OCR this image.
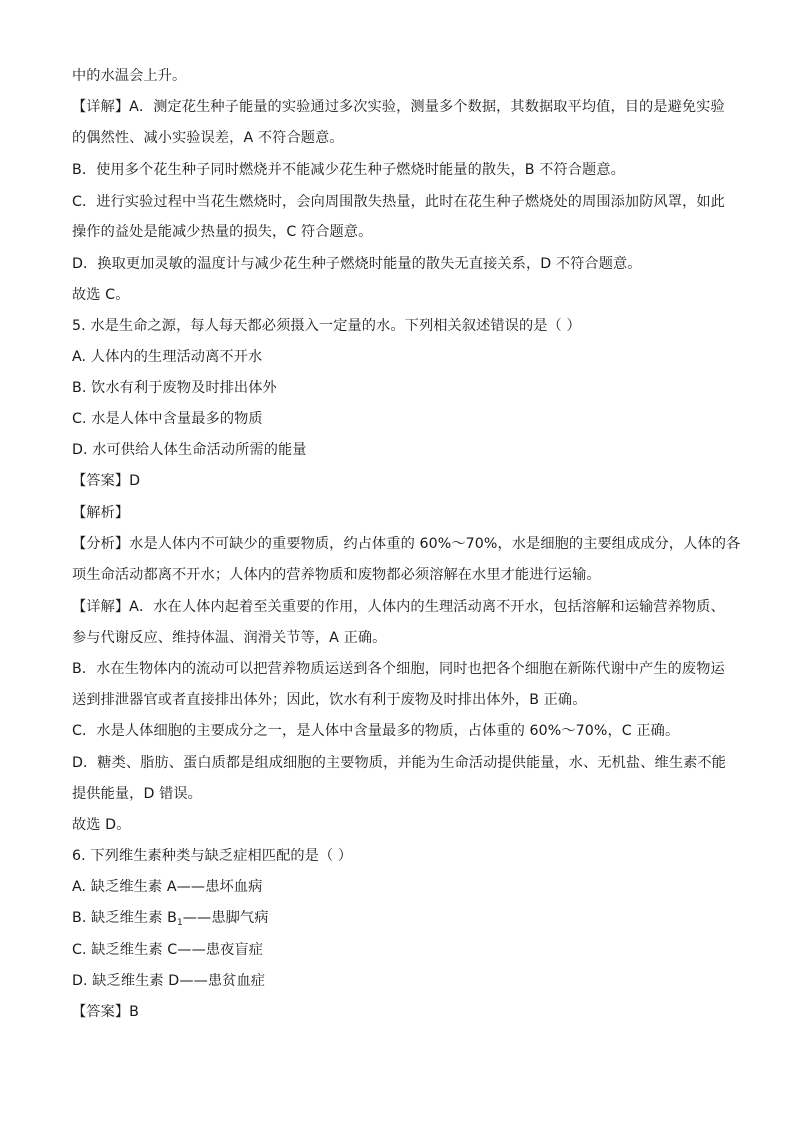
中的水温会上升。
【详解】A．测定花生种子能量的实验通过多次实验，测量多个数据，其数据取平均值，目的是避免实验
的偶然性、减小实验误差，A 不符合题意。
B．使用多个花生种子同时燃烧并不能减少花生种子燃烧时能量的散失，B 不符合题意。
C．进行实验过程中当花生燃烧时，会向周围散失热量，此时在花生种子燃烧处的周围添加防风罩，如此
操作的益处是能减少热量的损失，C 符合题意。
D．换取更加灵敏的温度计与减少花生种子燃烧时能量的散失无直接关系，D 不符合题意。
故选 C。
5. 水是生命之源，每人每天都必须摄入一定量的水。下列相关叙述错误的是（ ）
A. 人体内的生理活动离不开水
B. 饮水有利于废物及时排出体外
C. 水是人体中含量最多的物质
D. 水可供给人体生命活动所需的能量
【答案】D
【解析】
【分析】水是人体内不可缺少的重要物质，约占体重的 60%～70%，水是细胞的主要组成成分，人体的各
项生命活动都离不开水；人体内的营养物质和废物都必须溶解在水里才能进行运输。
【详解】A．水在人体内起着至关重要的作用，人体内的生理活动离不开水，包括溶解和运输营养物质、
参与代谢反应、维持体温、润滑关节等，A 正确。
B．水在生物体内的流动可以把营养物质运送到各个细胞，同时也把各个细胞在新陈代谢中产生的废物运
送到排泄器官或者直接排出体外；因此，饮水有利于废物及时排出体外，B 正确。
C．水是人体细胞的主要成分之一，是人体中含量最多的物质，占体重的 60%～70%，C 正确。
D．糖类、脂肪、蛋白质都是组成细胞的主要物质，并能为生命活动提供能量，水、无机盐、维生素不能
提供能量，D 错误。
故选 D。
6. 下列维生素种类与缺乏症相匹配的是（ ）
A. 缺乏维生素 A——患坏血病
B. 缺乏维生素 $B_1——$患脚气病
C. 缺乏维生素 C——患夜盲症
D. 缺乏维生素 D——患贫血症
【答案】B
